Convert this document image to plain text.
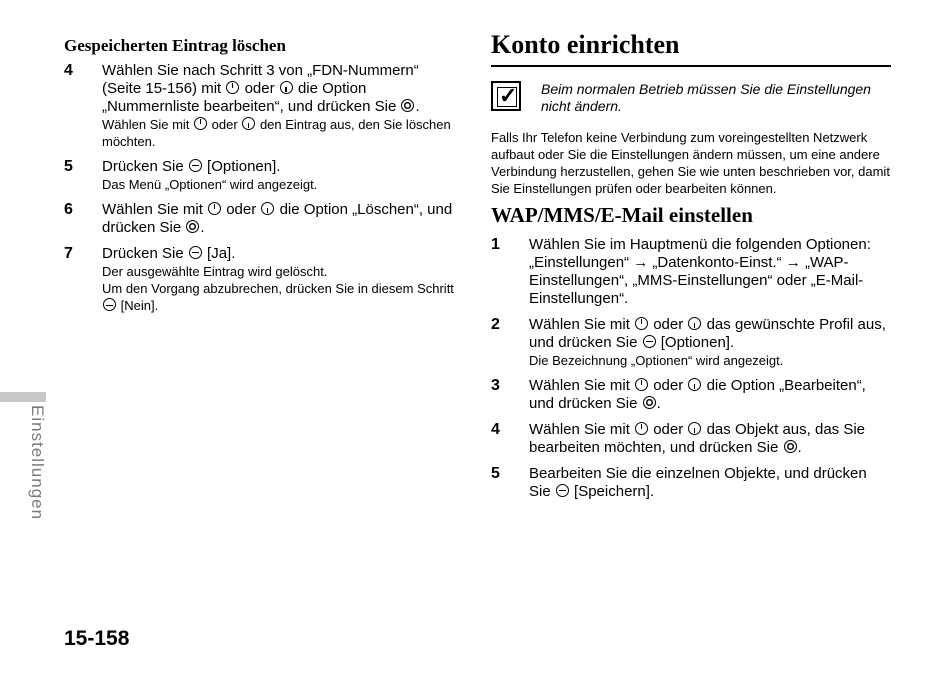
Gespeicherten Eintrag löschen
4	Wählen Sie nach Schritt 3 von „FDN-Nummern“ (Seite 15-156) mit  oder  die Option „Nummernliste bearbeiten“, und drücken Sie .
Wählen Sie mit  oder  den Eintrag aus, den Sie löschen möchten.
5	Drücken Sie  [Optionen].
Das Menü „Optionen“ wird angezeigt.
6	Wählen Sie mit  oder  die Option „Löschen“, und drücken Sie .
7	Drücken Sie  [Ja].
Der ausgewählte Eintrag wird gelöscht.
Um den Vorgang abzubrechen, drücken Sie in diesem Schritt  [Nein].
Konto einrichten
✓ Beim normalen Betrieb müssen Sie die Einstellungen nicht ändern.
Falls Ihr Telefon keine Verbindung zum voreingestellten Netzwerk aufbaut oder Sie die Einstellungen ändern müssen, um eine andere Verbindung herzustellen, gehen Sie wie unten beschrieben vor, damit Sie Einstellungen prüfen oder bearbeiten können.
WAP/MMS/E-Mail einstellen
1	Wählen Sie im Hauptmenü die folgenden Optionen: „Einstellungen“ → „Datenkonto-Einst.“ → „WAP-Einstellungen“, „MMS-Einstellungen“ oder „E-Mail-Einstellungen“.
2	Wählen Sie mit  oder  das gewünschte Profil aus, und drücken Sie  [Optionen].
Die Bezeichnung „Optionen“ wird angezeigt.
3	Wählen Sie mit  oder  die Option „Bearbeiten“, und drücken Sie .
4	Wählen Sie mit  oder  das Objekt aus, das Sie bearbeiten möchten, und drücken Sie .
5	Bearbeiten Sie die einzelnen Objekte, und drücken Sie  [Speichern].
Einstellungen
15-158
